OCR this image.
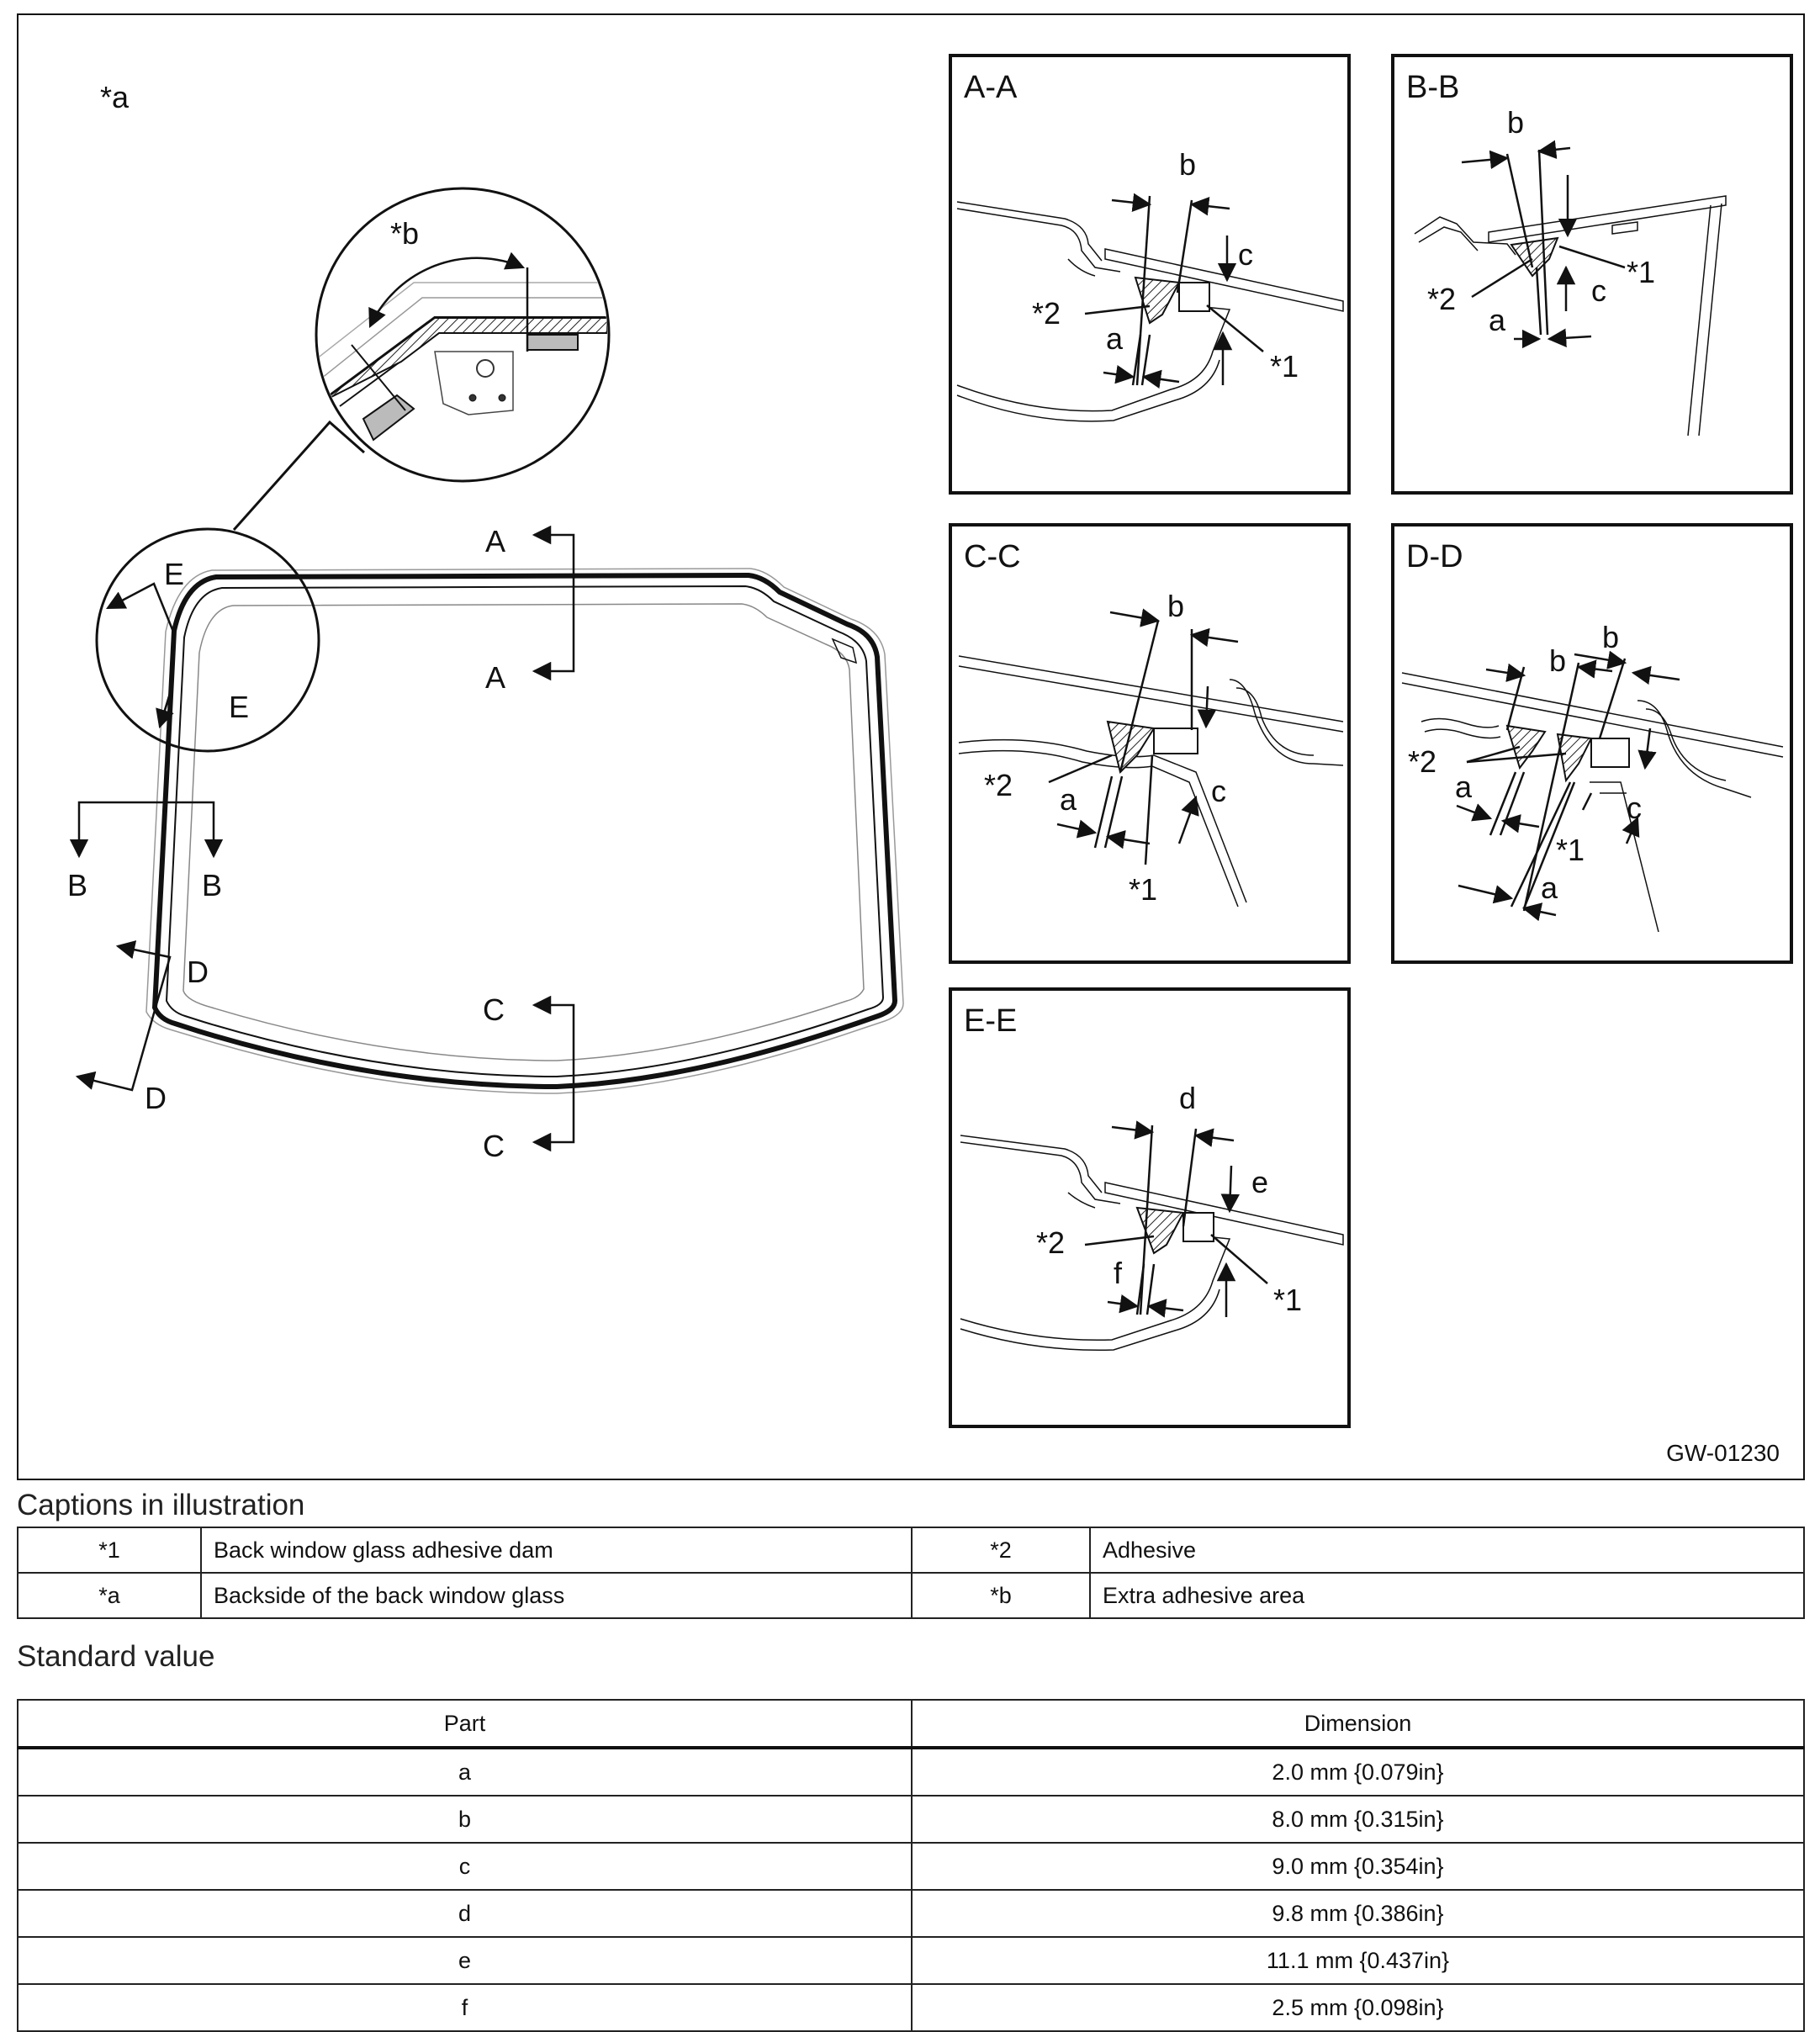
A
A
C
C
B	B
D
D
E
E
*b
*a	A-A
b
c
a
*2
*1
B-B
b
c
a
*2
*1
C-C
b
c
a
*2
*1
D-D
b
b
c
a
a
*2
*1
E-E
d
e
f
*2
*1
GW-01230
Captions in illustration
*1	Back window glass adhesive dam	*2	Adhesive
*a	Backside of the back window glass	*b	Extra adhesive area
Standard value
Part	Dimension
a	2.0 mm {0.079in}
b	8.0 mm {0.315in}
c	9.0 mm {0.354in}
d	9.8 mm {0.386in}
e	11.1 mm {0.437in}
f	2.5 mm {0.098in}
